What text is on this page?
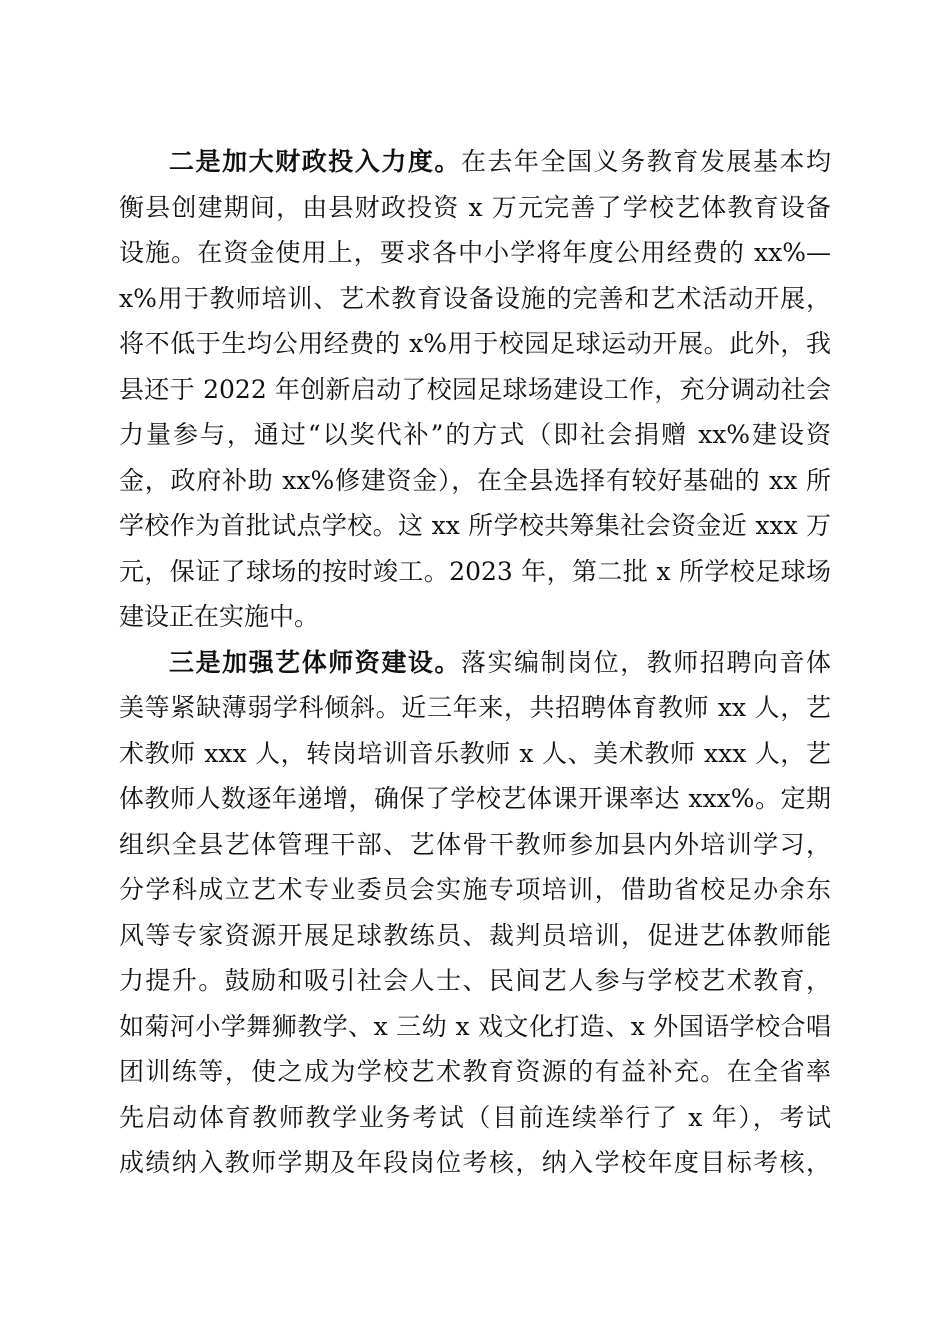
二是加大财政投入力度。在去年全国义务教育发展基本均
衡县创建期间，由县财政投资 x 万元完善了学校艺体教育设备
设施。在资金使用上，要求各中小学将年度公用经费的 xx%—
x%用于教师培训、艺术教育设备设施的完善和艺术活动开展，
将不低于生均公用经费的 x%用于校园足球运动开展。此外，我
县还于 2022 年创新启动了校园足球场建设工作，充分调动社会
力量参与，通过“以奖代补”的方式（即社会捐赠 xx%建设资
金，政府补助 xx%修建资金），在全县选择有较好基础的 xx 所
学校作为首批试点学校。这 xx 所学校共筹集社会资金近 xxx 万
元，保证了球场的按时竣工。2023 年，第二批 x 所学校足球场
建设正在实施中。
三是加强艺体师资建设。落实编制岗位，教师招聘向音体
美等紧缺薄弱学科倾斜。近三年来，共招聘体育教师 xx 人，艺
术教师 xxx 人，转岗培训音乐教师 x 人、美术教师 xxx 人，艺
体教师人数逐年递增，确保了学校艺体课开课率达 xxx%。定期
组织全县艺体管理干部、艺体骨干教师参加县内外培训学习，
分学科成立艺术专业委员会实施专项培训，借助省校足办余东
风等专家资源开展足球教练员、裁判员培训，促进艺体教师能
力提升。鼓励和吸引社会人士、民间艺人参与学校艺术教育，
如菊河小学舞狮教学、x 三幼 x 戏文化打造、x 外国语学校合唱
团训练等，使之成为学校艺术教育资源的有益补充。在全省率
先启动体育教师教学业务考试（目前连续举行了 x 年），考试
成绩纳入教师学期及年段岗位考核，纳入学校年度目标考核，
